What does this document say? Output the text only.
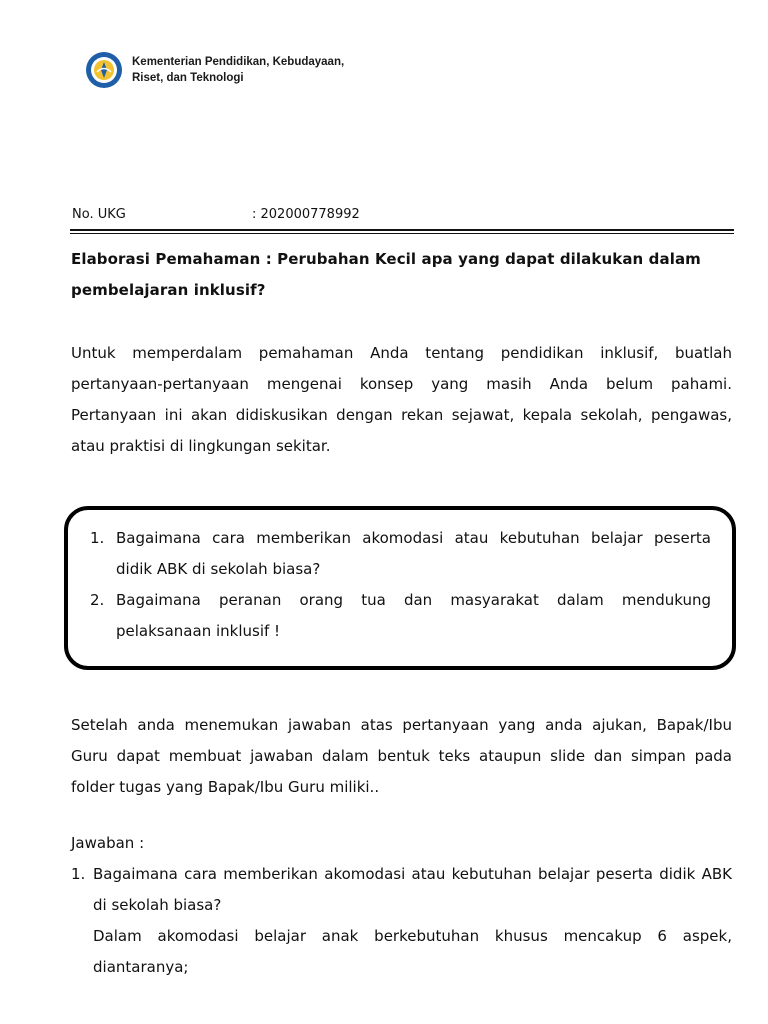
Kementerian Pendidikan, Kebudayaan,
Riset, dan Teknologi
No. UKG	: 202000778992
Elaborasi Pemahaman : Perubahan Kecil apa yang dapat dilakukan dalam
pembelajaran inklusif?
Untuk memperdalam pemahaman Anda tentang pendidikan inklusif, buatlah
pertanyaan-pertanyaan mengenai konsep yang masih Anda belum pahami.
Pertanyaan ini akan didiskusikan dengan rekan sejawat, kepala sekolah, pengawas,
atau praktisi di lingkungan sekitar.
1. Bagaimana cara memberikan akomodasi atau kebutuhan belajar peserta
didik ABK di sekolah biasa?
2. Bagaimana peranan orang tua dan masyarakat dalam mendukung
pelaksanaan inklusif !
Setelah anda menemukan jawaban atas pertanyaan yang anda ajukan, Bapak/Ibu
Guru dapat membuat jawaban dalam bentuk teks ataupun slide dan simpan pada
folder tugas yang Bapak/Ibu Guru miliki..
Jawaban :
1. Bagaimana cara memberikan akomodasi atau kebutuhan belajar peserta didik ABK
di sekolah biasa?
Dalam akomodasi belajar anak berkebutuhan khusus mencakup 6 aspek,
diantaranya;
